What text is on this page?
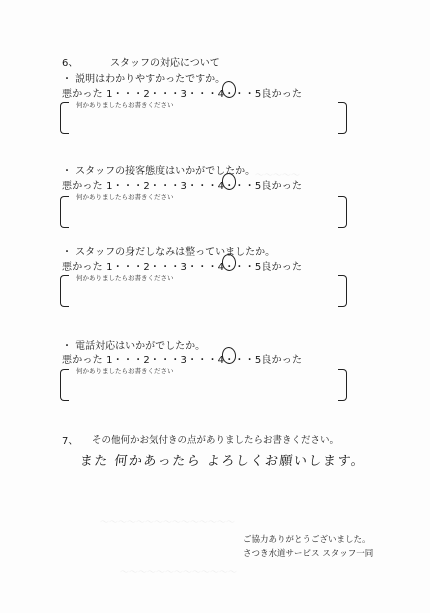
〜〜〜〜〜
〜〜〜〜〜〜〜〜〜〜〜〜〜〜〜
〜〜〜〜〜〜〜〜〜〜〜〜〜
6、	スタッフの対応について
・ 説明はわかりやすかったですか。
悪かった 1・・・2・・・3・・・4・・・5良かった
何かありましたらお書きください
・ スタッフの接客態度はいかがでしたか。
悪かった 1・・・2・・・3・・・4・・・5良かった
何かありましたらお書きください
・ スタッフの身だしなみは整っていましたか。
悪かった 1・・・2・・・3・・・4・・・5良かった
何かありましたらお書きください
・ 電話対応はいかがでしたか。
悪かった 1・・・2・・・3・・・4・・・5良かった
何かありましたらお書きください
7、 その他何かお気付きの点がありましたらお書きください。
また 何かあったら よろしくお願いします。
ご協力ありがとうございました。
さつき水道サービス スタッフ一同
